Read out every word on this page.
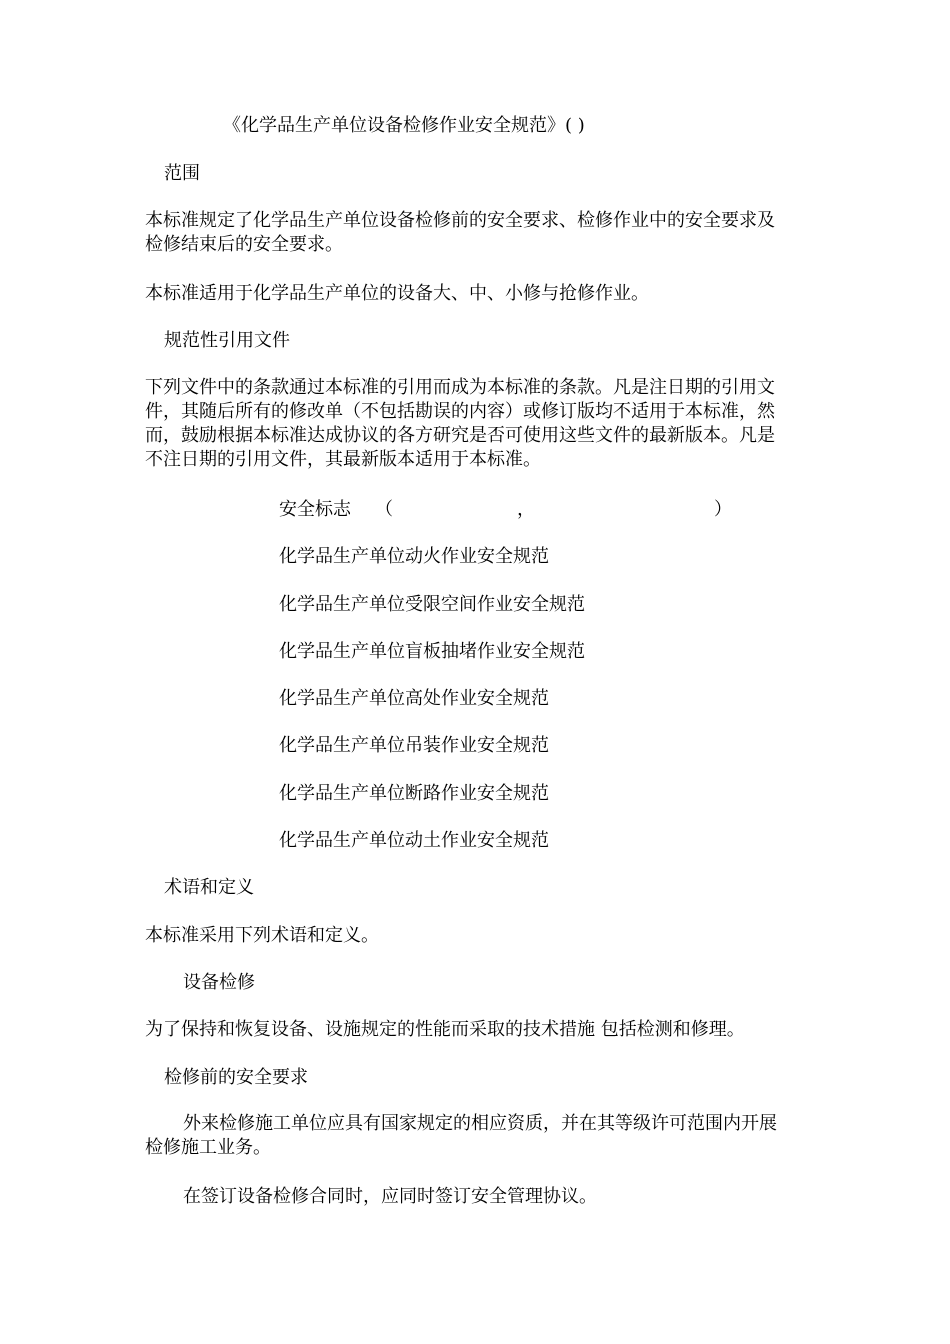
《化学品生产单位设备检修作业安全规范》( )
范围
本标准规定了化学品生产单位设备检修前的安全要求、检修作业中的安全要求及
检修结束后的安全要求。
本标准适用于化学品生产单位的设备大、中、小修与抢修作业。
规范性引用文件
下列文件中的条款通过本标准的引用而成为本标准的条款。凡是注日期的引用文
件，其随后所有的修改单（不包括勘误的内容）或修订版均不适用于本标准，然
而，鼓励根据本标准达成协议的各方研究是否可使用这些文件的最新版本。凡是
不注日期的引用文件，其最新版本适用于本标准。
安全标志 （	，	）
化学品生产单位动火作业安全规范
化学品生产单位受限空间作业安全规范
化学品生产单位盲板抽堵作业安全规范
化学品生产单位高处作业安全规范
化学品生产单位吊装作业安全规范
化学品生产单位断路作业安全规范
化学品生产单位动土作业安全规范
术语和定义
本标准采用下列术语和定义。
设备检修
为了保持和恢复设备、设施规定的性能而采取的技术措施 包括检测和修理。
检修前的安全要求
外来检修施工单位应具有国家规定的相应资质，并在其等级许可范围内开展
检修施工业务。
在签订设备检修合同时，应同时签订安全管理协议。
